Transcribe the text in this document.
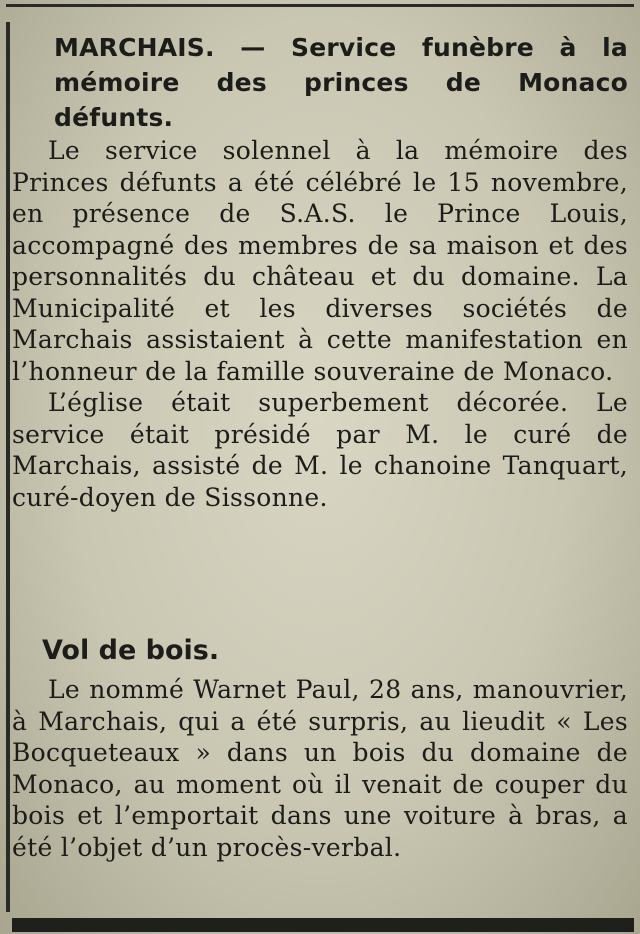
MARCHAIS. — Service funèbre à la mémoire des princes de Monaco défunts.

Le service solennel à la mémoire des Princes défunts a été célébré le 15 novembre, en présence de S.A.S. le Prince Louis, accompagné des membres de sa maison et des personnalités du château et du domaine. La Municipalité et les diverses sociétés de Marchais assistaient à cette manifestation en l’honneur de la famille souveraine de Monaco.

L’église était superbement décorée. Le service était présidé par M. le curé de Marchais, assisté de M. le chanoine Tanquart, curé-doyen de Sissonne.

Vol de bois.

Le nommé Warnet Paul, 28 ans, manouvrier, à Marchais, qui a été surpris, au lieudit « Les Bocqueteaux » dans un bois du domaine de Monaco, au moment où il venait de couper du bois et l’emportait dans une voiture à bras, a été l’objet d’un procès-verbal.
